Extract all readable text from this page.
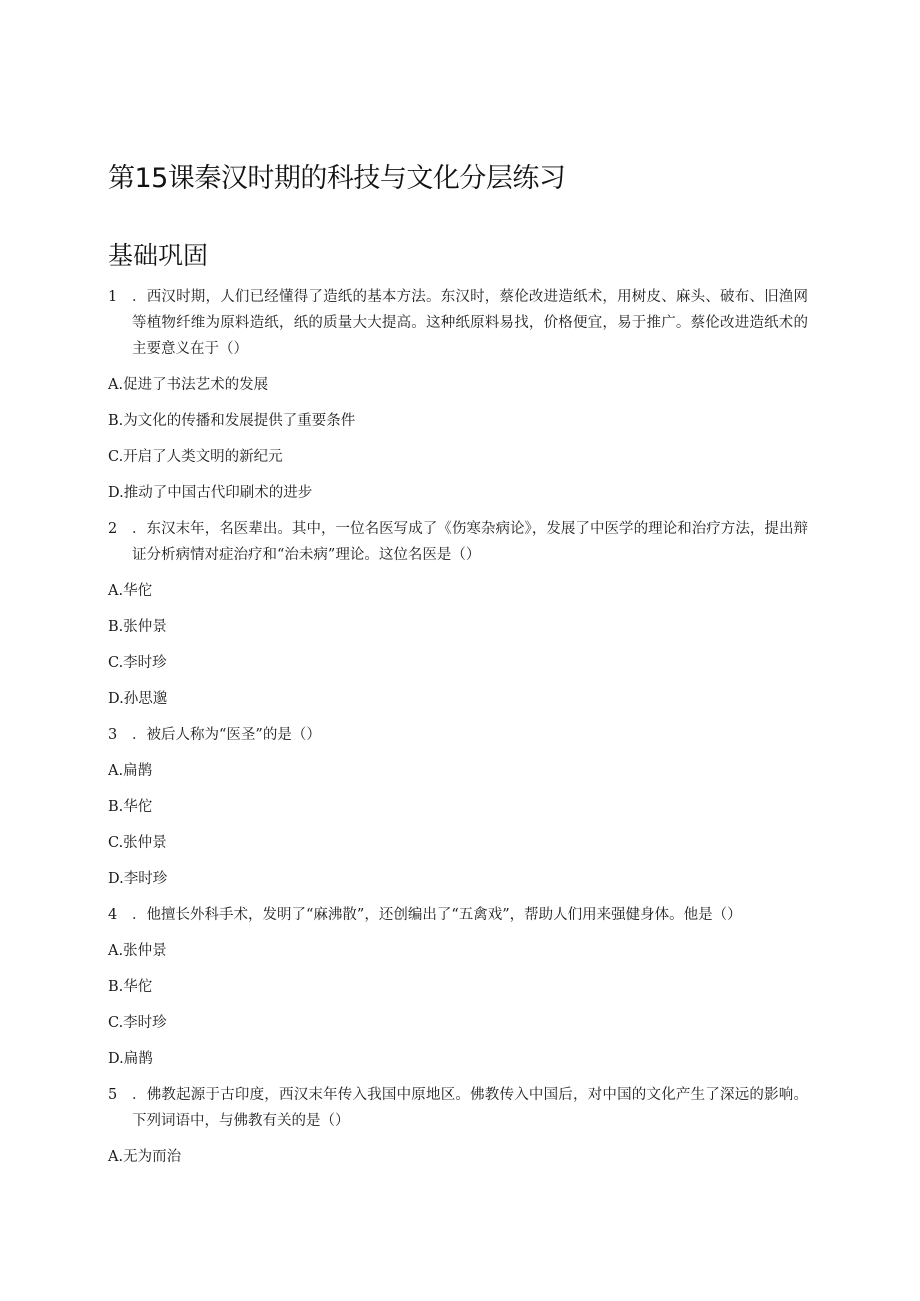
第15课秦汉时期的科技与文化分层练习
基础巩固
1	．西汉时期，人们已经懂得了造纸的基本方法。东汉时，蔡伦改进造纸术，用树皮、麻头、破布、旧渔网等植物纤维为原料造纸，纸的质量大大提高。这种纸原料易找，价格便宜，易于推广。蔡伦改进造纸术的主要意义在于（）
A.促进了书法艺术的发展
B.为文化的传播和发展提供了重要条件
C.开启了人类文明的新纪元
D.推动了中国古代印刷术的进步
2	．东汉末年，名医辈出。其中，一位名医写成了《伤寒杂病论》，发展了中医学的理论和治疗方法，提出辩证分析病情对症治疗和“治未病”理论。这位名医是（）
A.华佗
B.张仲景
C.李时珍
D.孙思邈
3	．被后人称为“医圣”的是（）
A.扁鹊
B.华佗
C.张仲景
D.李时珍
4	．他擅长外科手术，发明了“麻沸散”，还创编出了“五禽戏”，帮助人们用来强健身体。他是（）
A.张仲景
B.华佗
C.李时珍
D.扁鹊
5	．佛教起源于古印度，西汉末年传入我国中原地区。佛教传入中国后，对中国的文化产生了深远的影响。下列词语中，与佛教有关的是（）
A.无为而治
